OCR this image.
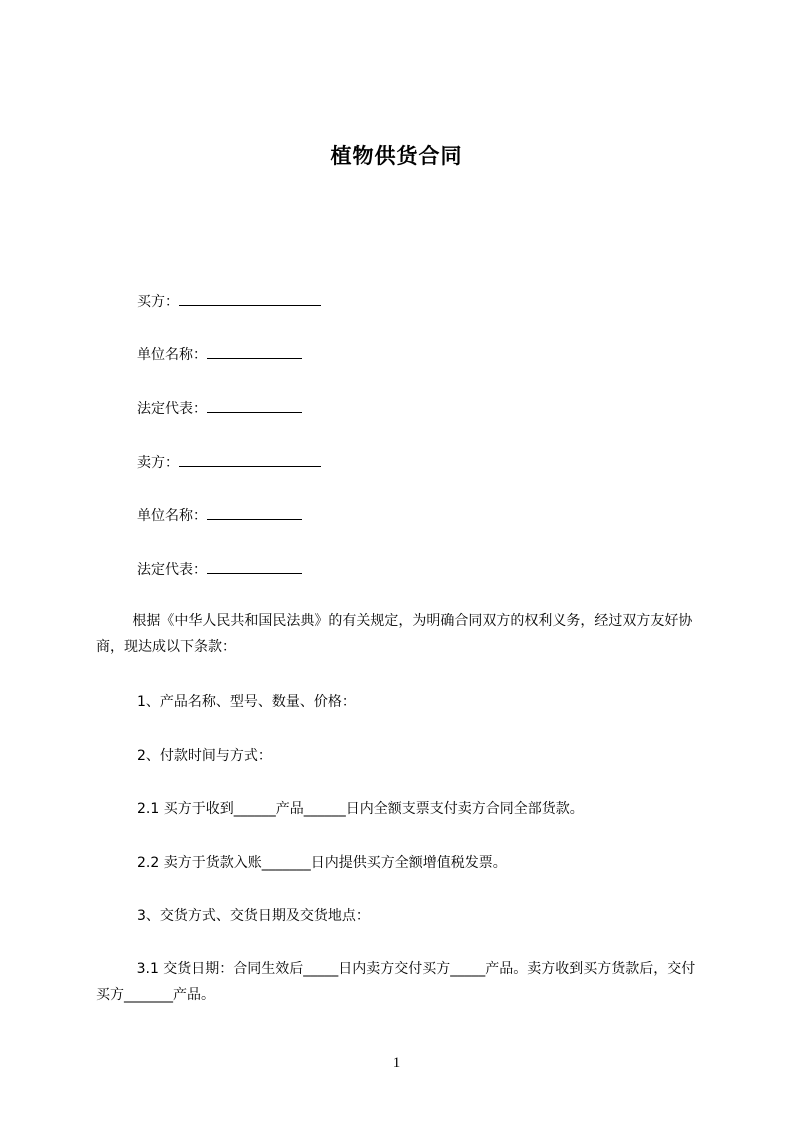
植物供货合同
买方：
单位名称：
法定代表：
卖方：
单位名称：
法定代表：
根据《中华人民共和国民法典》的有关规定，为明确合同双方的权利义务，经过双方友好协商，现达成以下条款：
1、产品名称、型号、数量、价格：
2、付款时间与方式：
2.1 买方于收到______产品______日内全额支票支付卖方合同全部货款。
2.2 卖方于货款入账_______日内提供买方全额增值税发票。
3、交货方式、交货日期及交货地点：
3.1 交货日期：合同生效后_____日内卖方交付买方_____产品。卖方收到买方货款后，交付买方_______产品。
1
